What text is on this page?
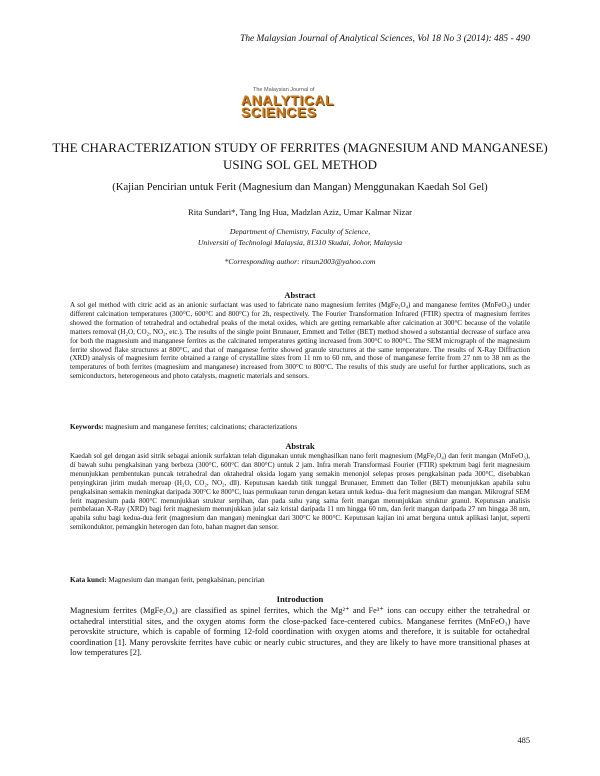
The Malaysian Journal of Analytical Sciences, Vol 18 No 3 (2014): 485 - 490
The Malaysian Journal of
ANALYTICAL
SCIENCES
THE CHARACTERIZATION STUDY OF FERRITES (MAGNESIUM AND MANGANESE) USING SOL GEL METHOD
(Kajian Pencirian untuk Ferit (Magnesium dan Mangan) Menggunakan Kaedah Sol Gel)
Rita Sundari*, Tang Ing Hua, Madzlan Aziz, Umar Kalmar Nizar
Department of Chemistry, Faculty of Science,
Universiti of Technologi Malaysia, 81310 Skudai, Johor, Malaysia
*Corresponding author: ritsun2003@yahoo.com
Abstract
A sol gel method with citric acid as an anionic surfactant was used to fabricate nano magnesium ferrites (MgFe₂O₄) and manganese ferrites (MnFeO₃) under different calcination temperatures (300°C, 600°C and 800°C) for 2h, respectively. The Fourier Transformation Infrared (FTIR) spectra of magnesium ferrites showed the formation of tetrahedral and octahedral peaks of the metal oxides, which are getting remarkable after calcination at 300°C because of the volatile matters removal (H₂O, CO₂, NO₂, etc.). The results of the single point Brunauer, Emmett and Teller (BET) method showed a substantial decrease of surface area for both the magnesium and manganese ferrites as the calcinated temperatures getting increased from 300°C to 800°C. The SEM micrograph of the magnesium ferrite showed flake structures at 800°C, and that of manganese ferrite showed granule structures at the same temperature. The results of X-Ray Diffraction (XRD) analysis of magnesium ferrite obtained a range of crystalline sizes from 11 nm to 60 nm, and those of manganese ferrite from 27 nm to 38 nm as the temperatures of both ferrites (magnesium and manganese) increased from 300°C to 800°C. The results of this study are useful for further applications, such as semiconductors, heterogeneous and photo catalysts, magnetic materials and sensors.
Keywords: magnesium and manganese ferrites; calcinations; characterizations
Abstrak
Kaedah sol gel dengan asid sitrik sebagai anionik surfaktan telah digunakan untuk menghasilkan nano ferit magnesium (MgFe₂O₄) dan ferit mangan (MnFeO₃), di bawah suhu pengkalsinan yang berbeza (300°C, 600°C dan 800°C) untuk 2 jam. Infra merah Transformasi Fourier (FTIR) spektrum bagi ferit magnesium menunjukkan pembentukan puncak tetrahedral dan oktahedral oksida logam yang semakin menonjol selepas proses pengkalsinan pada 300°C, disebabkan penyingkiran jirim mudah meruap (H₂O, CO₂, NO₂, dll). Keputusan kaedah titik tunggal Brunauer, Emmett dan Teller (BET) menunjukkan apabila suhu pengkalsinan semakin meningkat daripada 300°C ke 800°C, luas permukaan turun dengan ketara untuk kedua- dua ferit magnesium dan mangan. Mikrograf SEM ferit magnesium pada 800°C menunjukkan struktur serpihan, dan pada suhu yang sama ferit mangan menunjukkan struktur granul. Keputusan analisis pembelauan X-Ray (XRD) bagi ferit magnesium menunjukkan julat saiz kristal daripada 11 nm hingga 60 nm, dan ferit mangan daripada 27 nm hingga 38 nm, apabila suhu bagi kedua-dua ferit (magnesium dan mangan) meningkat dari 300°C ke 800°C. Keputusan kajian ini amat berguna untuk aplikasi lanjut, seperti semikonduktor, pemangkin heterogen dan foto, bahan magnet dan sensor.
Kata kunci: Magnesium dan mangan ferit, pengkalsinan, pencirian
Introduction
Magnesium ferrites (MgFe₂O₄) are classified as spinel ferrites, which the Mg²⁺ and Fe³⁺ ions can occupy either the tetrahedral or octahedral interstitial sites, and the oxygen atoms form the close-packed face-centered cubics. Manganese ferrites (MnFeO₃) have perovskite structure, which is capable of forming 12-fold coordination with oxygen atoms and therefore, it is suitable for octahedral coordination [1]. Many perovskite ferrites have cubic or nearly cubic structures, and they are likely to have more transitional phases at low temperatures [2].
485
